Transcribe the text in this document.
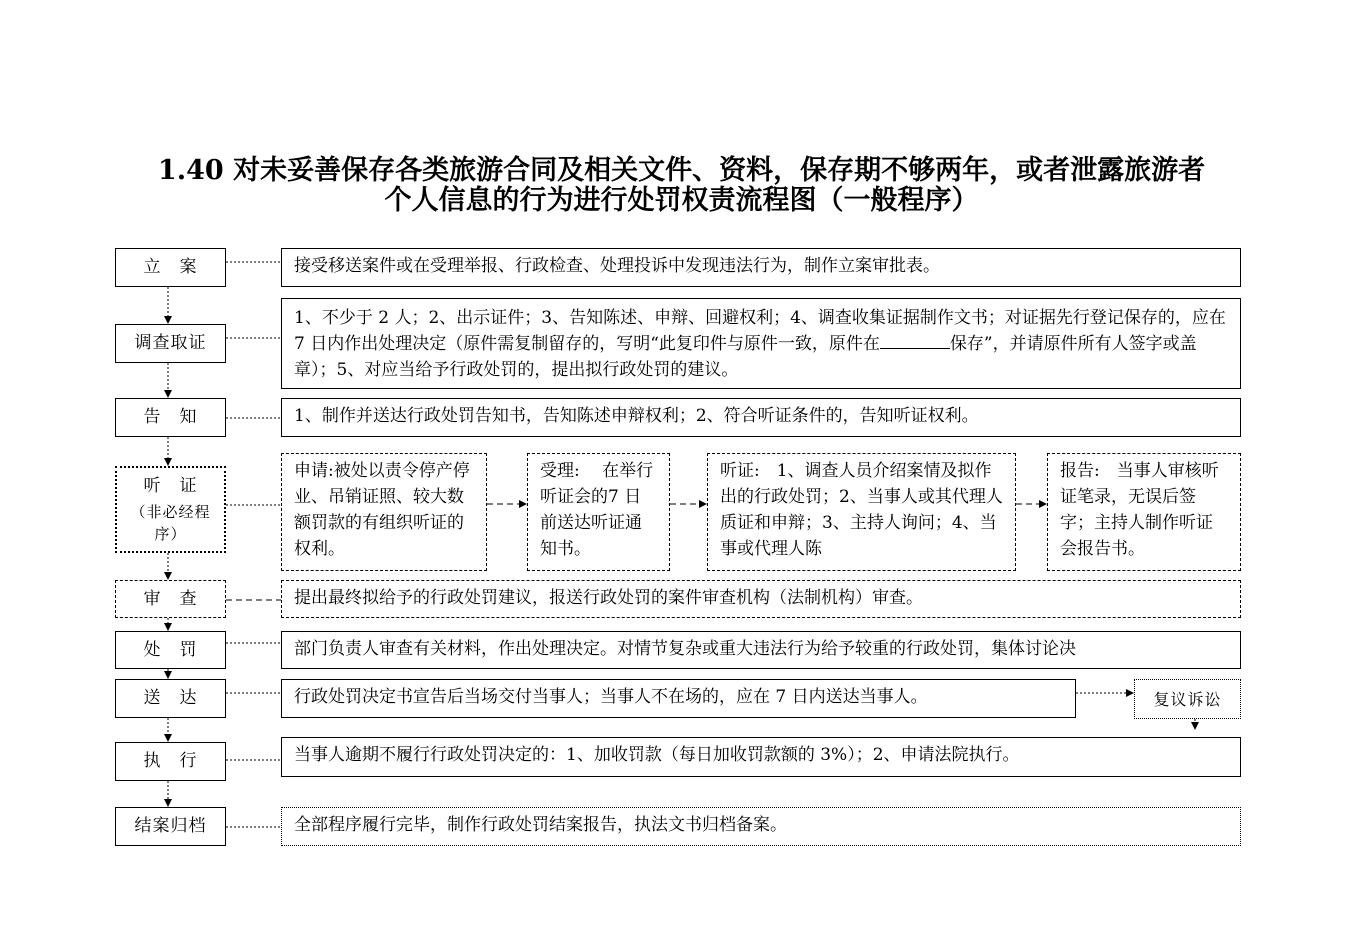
1.40 对未妥善保存各类旅游合同及相关文件、资料，保存期不够两年，或者泄露旅游者
个人信息的行为进行处罚权责流程图（一般程序）
立　案
调查取证
告　知
听　证
（非必经程序）
审　查
处　罚
送　达
执　行
结案归档
接受移送案件或在受理举报、行政检查、处理投诉中发现违法行为，制作立案审批表。
1、不少于 2 人；2、出示证件；3、告知陈述、申辩、回避权利；4、调查收集证据制作文书；对证据先行登记保存的，应在 7 日内作出处理决定（原件需复制留存的，写明“此复印件与原件一致，原件在	保存”，并请原件所有人签字或盖章）；5、对应当给予行政处罚的，提出拟行政处罚的建议。
1、制作并送达行政处罚告知书，告知陈述申辩权利；2、符合听证条件的，告知听证权利。
申请:被处以责令停产停业、吊销证照、较大数额罚款的有组织听证的权利。
受理:　 在举行听证会的7 日前送达听证通知书。
听证:　1、调查人员介绍案情及拟作出的行政处罚；2、当事人或其代理人质证和申辩；3、主持人询问；4、当事或代理人陈
报告:　当事人审核听证笔录，无误后签字；主持人制作听证会报告书。
提出最终拟给予的行政处罚建议，报送行政处罚的案件审查机构（法制机构）审查。
部门负责人审查有关材料，作出处理决定。对情节复杂或重大违法行为给予较重的行政处罚，集体讨论决
行政处罚决定书宣告后当场交付当事人；当事人不在场的，应在 7 日内送达当事人。	复议诉讼
当事人逾期不履行行政处罚决定的：1、加收罚款（每日加收罚款额的 3%）；2、申请法院执行。
全部程序履行完毕，制作行政处罚结案报告，执法文书归档备案。
